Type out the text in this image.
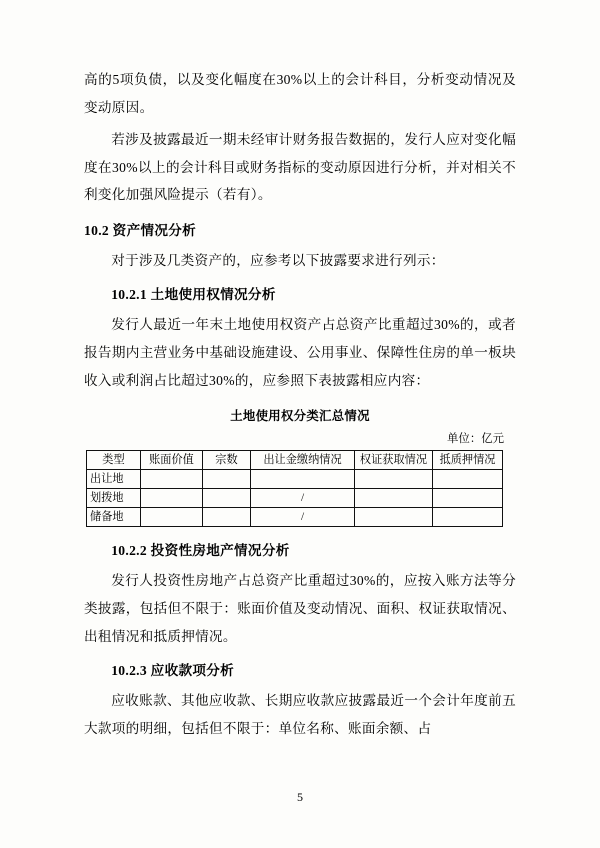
高的5项负债，以及变化幅度在30%以上的会计科目，分析变动情况及变动原因。

若涉及披露最近一期未经审计财务报告数据的，发行人应对变化幅度在30%以上的会计科目或财务指标的变动原因进行分析，并对相关不利变化加强风险提示（若有）。

10.2 资产情况分析

对于涉及几类资产的，应参考以下披露要求进行列示：

10.2.1 土地使用权情况分析

发行人最近一年末土地使用权资产占总资产比重超过30%的，或者报告期内主营业务中基础设施建设、公用事业、保障性住房的单一板块收入或利润占比超过30%的，应参照下表披露相应内容：

土地使用权分类汇总情况
单位：亿元
类型	账面价值	宗数	出让金缴纳情况	权证获取情况	抵质押情况
出让地					
划拨地			/		
储备地			/		

10.2.2 投资性房地产情况分析

发行人投资性房地产占总资产比重超过30%的，应按入账方法等分类披露，包括但不限于：账面价值及变动情况、面积、权证获取情况、出租情况和抵质押情况。

10.2.3 应收款项分析

应收账款、其他应收款、长期应收款应披露最近一个会计年度前五大款项的明细，包括但不限于：单位名称、账面余额、占

5
